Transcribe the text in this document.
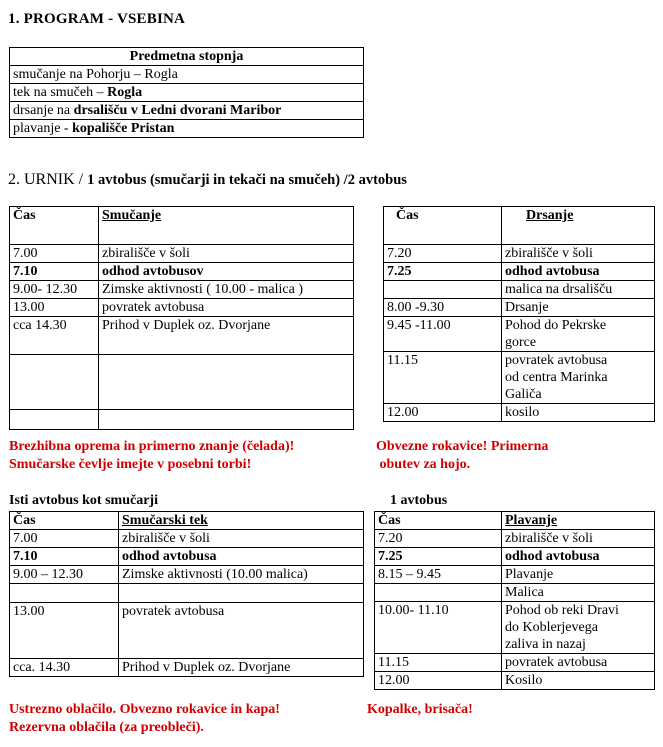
1. PROGRAM - VSEBINA
Predmetna stopnja
smučanje na Pohorju – Rogla
tek na smučeh – Rogla
drsanje na drsališču v Ledni dvorani Maribor
plavanje - kopališče Pristan
2. URNIK / 1 avtobus (smučarji in tekači na smučeh) /2 avtobus
Čas	Smučanje
7.00	zbirališče v šoli
7.10	odhod avtobusov
9.00- 12.30	Zimske aktivnosti ( 10.00 - malica )
13.00	povratek avtobusa
cca 14.30	Prihod v Duplek oz. Dvorjane

Brezhibna oprema in primerno znanje (čelada)!
Smučarske čevlje imejte v posebni torbi!
Čas	Drsanje
7.20	zbirališče v šoli
7.25	odhod avtobusa
	malica na drsališču
8.00 -9.30	Drsanje
9.45 -11.00	Pohod do Pekrske
gorce
11.15	povratek avtobusa
od centra Marinka
Galiča
12.00	kosilo
Obvezne rokavice! Primerna
obutev za hojo.
Isti avtobus kot smučarji	1 avtobus
Čas	Smučarski tek
7.00	zbirališče v šoli
7.10	odhod avtobusa
9.00 – 12.30	Zimske aktivnosti (10.00 malica)

13.00	povratek avtobusa
cca. 14.30	Prihod v Duplek oz. Dvorjane
Ustrezno oblačilo. Obvezno rokavice in kapa!
Rezervna oblačila (za preobleči).
Čas	Plavanje
7.20	zbirališče v šoli
7.25	odhod avtobusa
8.15 – 9.45	Plavanje
	Malica
10.00- 11.10	Pohod ob reki Dravi
do Koblerjevega
zaliva in nazaj
11.15	povratek avtobusa
12.00	Kosilo
Kopalke, brisača!
